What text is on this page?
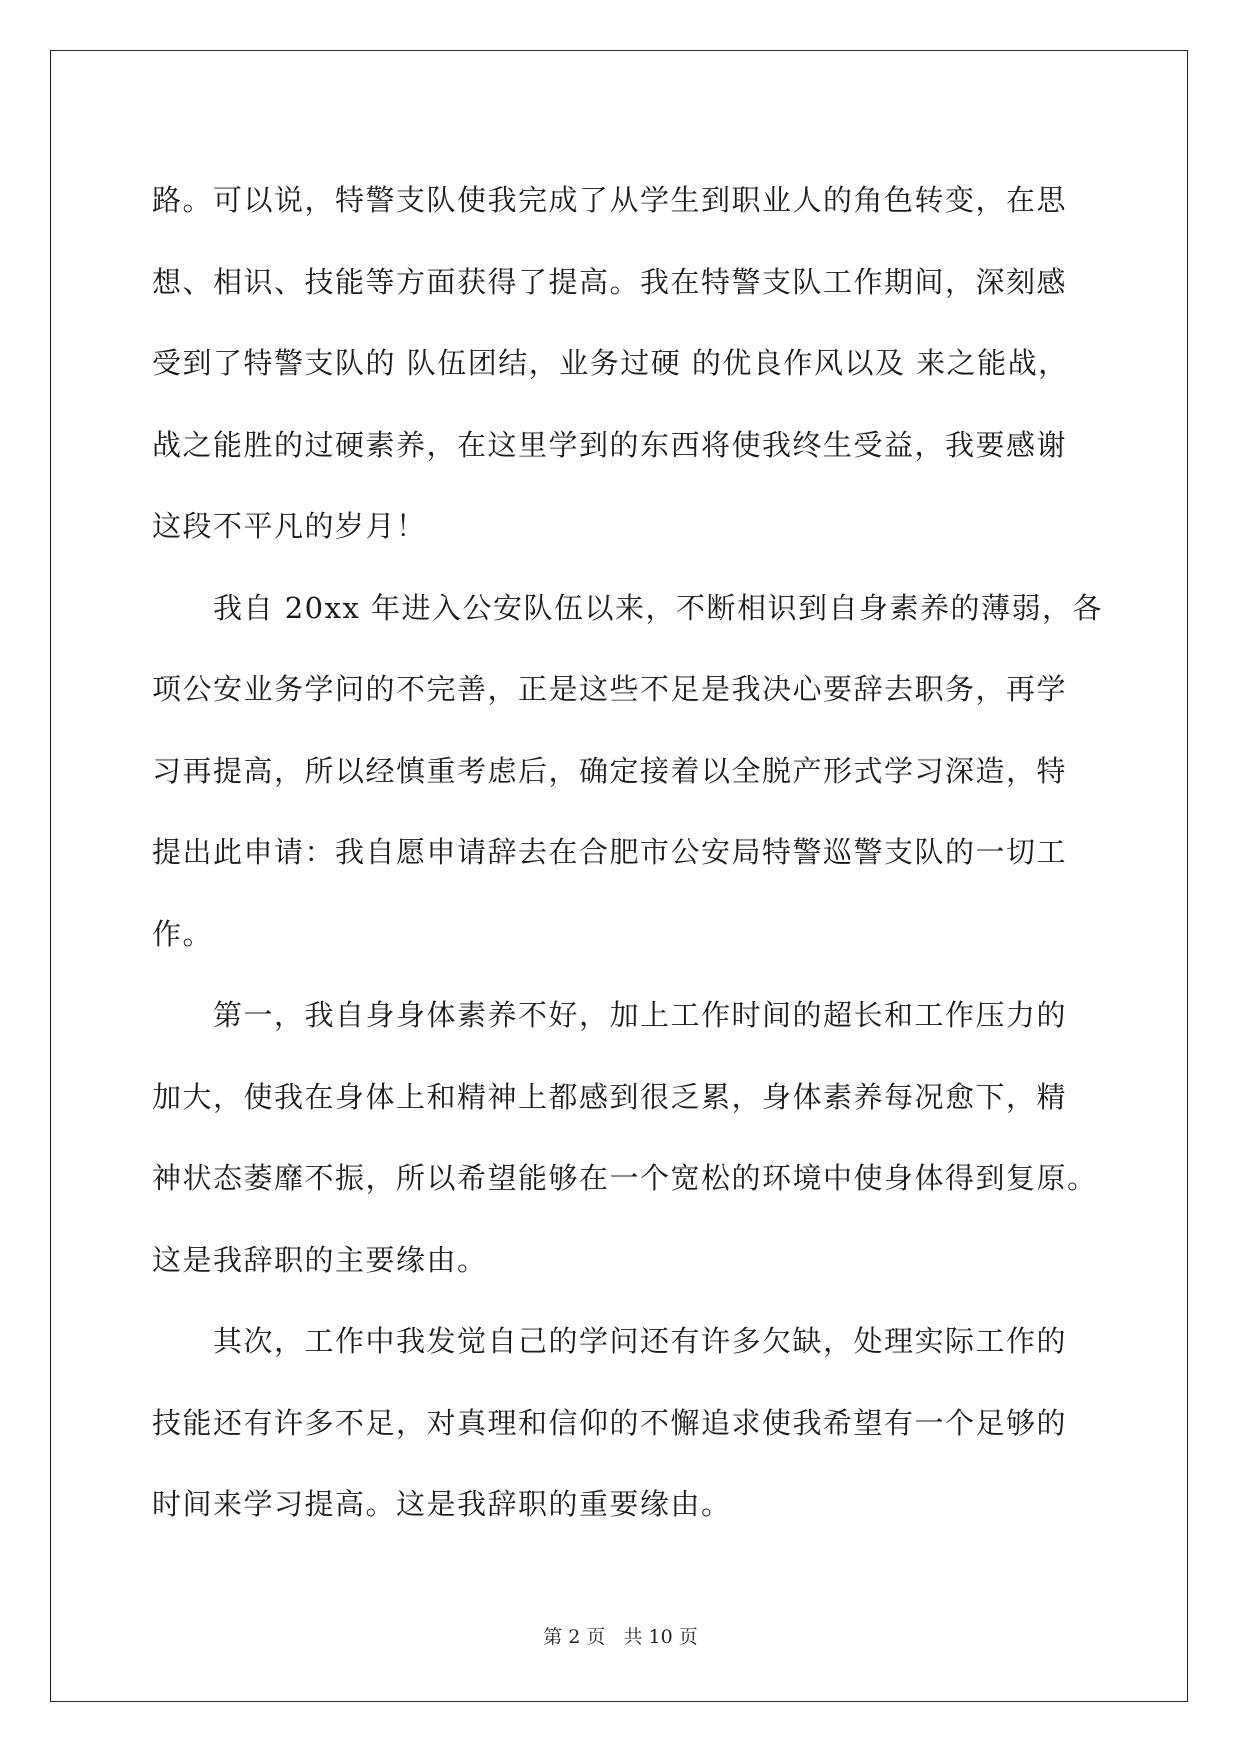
路。可以说，特警支队使我完成了从学生到职业人的角色转变，在思
想、相识、技能等方面获得了提高。我在特警支队工作期间，深刻感
受到了特警支队的 队伍团结，业务过硬 的优良作风以及 来之能战，
战之能胜的过硬素养，在这里学到的东西将使我终生受益，我要感谢
这段不平凡的岁月！
　　我自 20xx 年进入公安队伍以来，不断相识到自身素养的薄弱，各
项公安业务学问的不完善，正是这些不足是我决心要辞去职务，再学
习再提高，所以经慎重考虑后，确定接着以全脱产形式学习深造，特
提出此申请：我自愿申请辞去在合肥市公安局特警巡警支队的一切工
作。
　　第一，我自身身体素养不好，加上工作时间的超长和工作压力的
加大，使我在身体上和精神上都感到很乏累，身体素养每况愈下，精
神状态萎靡不振，所以希望能够在一个宽松的环境中使身体得到复原。
这是我辞职的主要缘由。
　　其次，工作中我发觉自己的学问还有许多欠缺，处理实际工作的
技能还有许多不足，对真理和信仰的不懈追求使我希望有一个足够的
时间来学习提高。这是我辞职的重要缘由。
第 2 页 共 10 页
